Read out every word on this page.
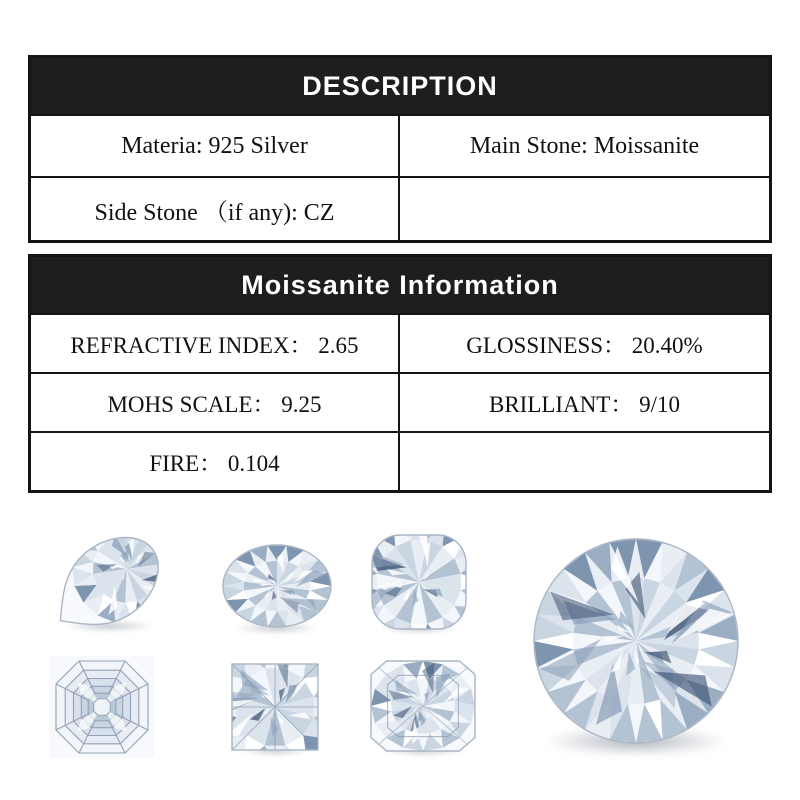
DESCRIPTION
Materia: 925 Silver	Main Stone: Moissanite
Side Stone （if any): CZ
Moissanite Information
REFRACTIVE INDEX： 2.65	GLOSSINESS： 20.40%
MOHS SCALE： 9.25	BRILLIANT： 9/10
FIRE： 0.104
